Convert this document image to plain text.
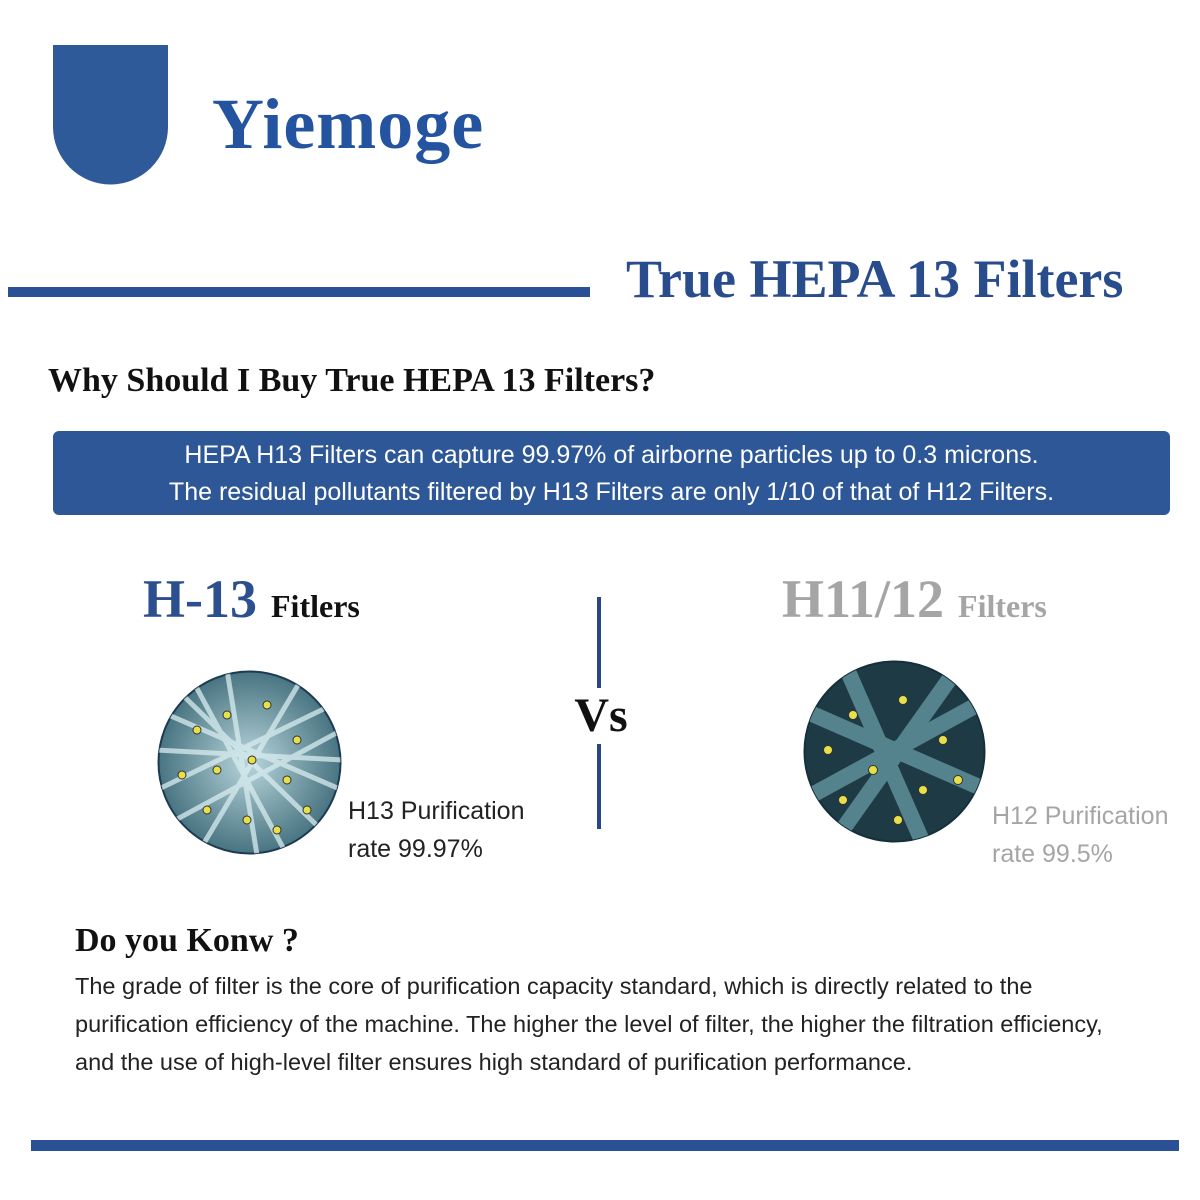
Yiemoge
True HEPA 13 Filters
Why Should I Buy True HEPA 13 Filters?
HEPA H13 Filters can capture 99.97% of airborne particles up to 0.3 microns.
The residual pollutants filtered by H13 Filters are only 1/10 of that of H12 Filters.
H-13 Fitlers
H13 Purification
rate 99.97%
Vs
H11/12 Filters
H12 Purification
rate 99.5%
Do you Konw ?
The grade of filter is the core of purification capacity standard, which is directly related to the
purification efficiency of the machine. The higher the level of filter, the higher the filtration efficiency,
and the use of high-level filter ensures high standard of purification performance.
